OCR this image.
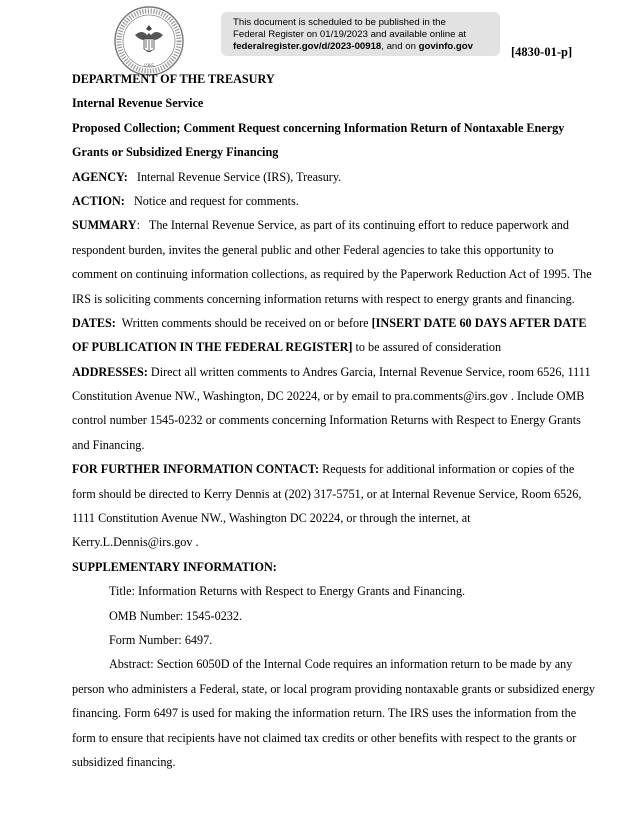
1985
This document is scheduled to be published in the
Federal Register on 01/19/2023 and available online at
federalregister.gov/d/2023-00918, and on govinfo.gov	[4830-01-p]
DEPARTMENT OF THE TREASURY
Internal Revenue Service
Proposed Collection; Comment Request concerning Information Return of Nontaxable Energy
Grants or Subsidized Energy Financing
AGENCY: Internal Revenue Service (IRS), Treasury.
ACTION: Notice and request for comments.
SUMMARY:   The Internal Revenue Service, as part of its continuing effort to reduce paperwork and
respondent burden, invites the general public and other Federal agencies to take this opportunity to
comment on continuing information collections, as required by the Paperwork Reduction Act of 1995. The
IRS is soliciting comments concerning information returns with respect to energy grants and financing.
DATES: Written comments should be received on or before [INSERT DATE 60 DAYS AFTER DATE
OF PUBLICATION IN THE FEDERAL REGISTER] to be assured of consideration
ADDRESSES: Direct all written comments to Andres Garcia, Internal Revenue Service, room 6526, 1111
Constitution Avenue NW., Washington, DC 20224, or by email to pra.comments@irs.gov . Include OMB
control number 1545-0232 or comments concerning Information Returns with Respect to Energy Grants
and Financing.
FOR FURTHER INFORMATION CONTACT: Requests for additional information or copies of the
form should be directed to Kerry Dennis at (202) 317-5751, or at Internal Revenue Service, Room 6526,
1111 Constitution Avenue NW., Washington DC 20224, or through the internet, at
Kerry.L.Dennis@irs.gov .
SUPPLEMENTARY INFORMATION:
Title: Information Returns with Respect to Energy Grants and Financing.
OMB Number: 1545-0232.
Form Number: 6497.
Abstract: Section 6050D of the Internal Code requires an information return to be made by any
person who administers a Federal, state, or local program providing nontaxable grants or subsidized energy
financing. Form 6497 is used for making the information return. The IRS uses the information from the
form to ensure that recipients have not claimed tax credits or other benefits with respect to the grants or
subsidized financing.
